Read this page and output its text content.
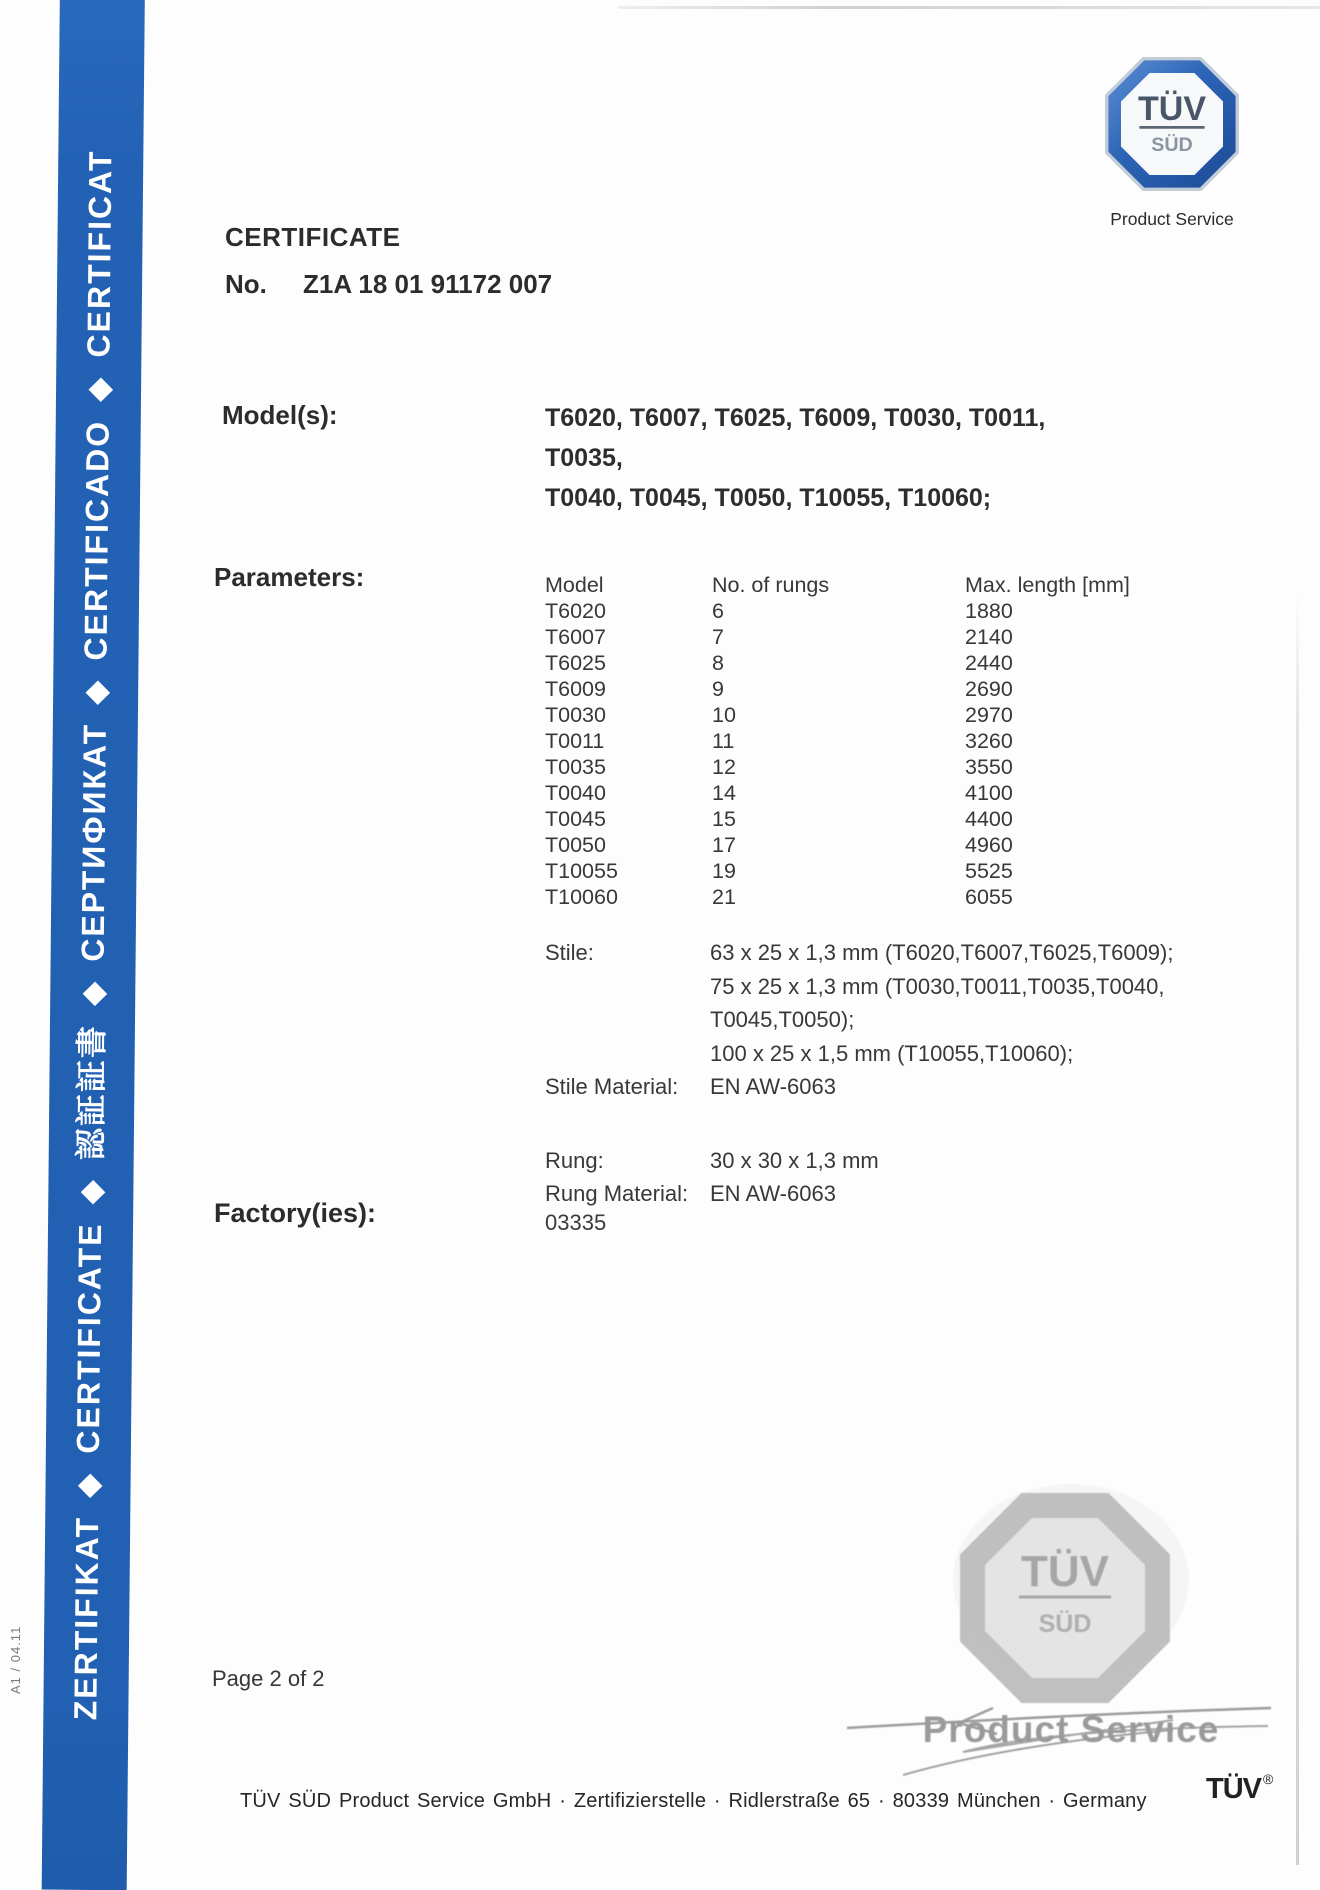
ZERTIFIKAT ◆ CERTIFICATE ◆ 認証証書 ◆ СЕРТИФИКАТ ◆ CERTIFICADO ◆ CERTIFICAT
A1 / 04.11
TÜV
SÜD
Product Service
CERTIFICATE
No. Z1A 18 01 91172 007
Model(s):	T6020, T6007, T6025, T6009, T0030, T0011,
T0035,
T0040, T0045, T0050, T10055, T10060;
Parameters:	Model	No. of rungs	Max. length [mm]
T6020	6	1880
T6007	7	2140
T6025	8	2440
T6009	9	2690
T0030	10	2970
T0011	11	3260
T0035	12	3550
T0040	14	4100
T0045	15	4400
T0050	17	4960
T10055	19	5525
T10060	21	6055
Stile:	63 x 25 x 1,3 mm (T6020,T6007,T6025,T6009);
75 x 25 x 1,3 mm (T0030,T0011,T0035,T0040,
T0045,T0050);
100 x 25 x 1,5 mm (T10055,T10060);
Stile Material:	EN AW-6063
Rung:	30 x 30 x 1,3 mm
Rung Material: EN AW-6063
Factory(ies):	03335
TÜV
SÜD
Product Service
Page 2 of 2
TÜV SÜD Product Service GmbH · Zertifizierstelle · Ridlerstraße 65 · 80339 München · Germany TÜV ®
